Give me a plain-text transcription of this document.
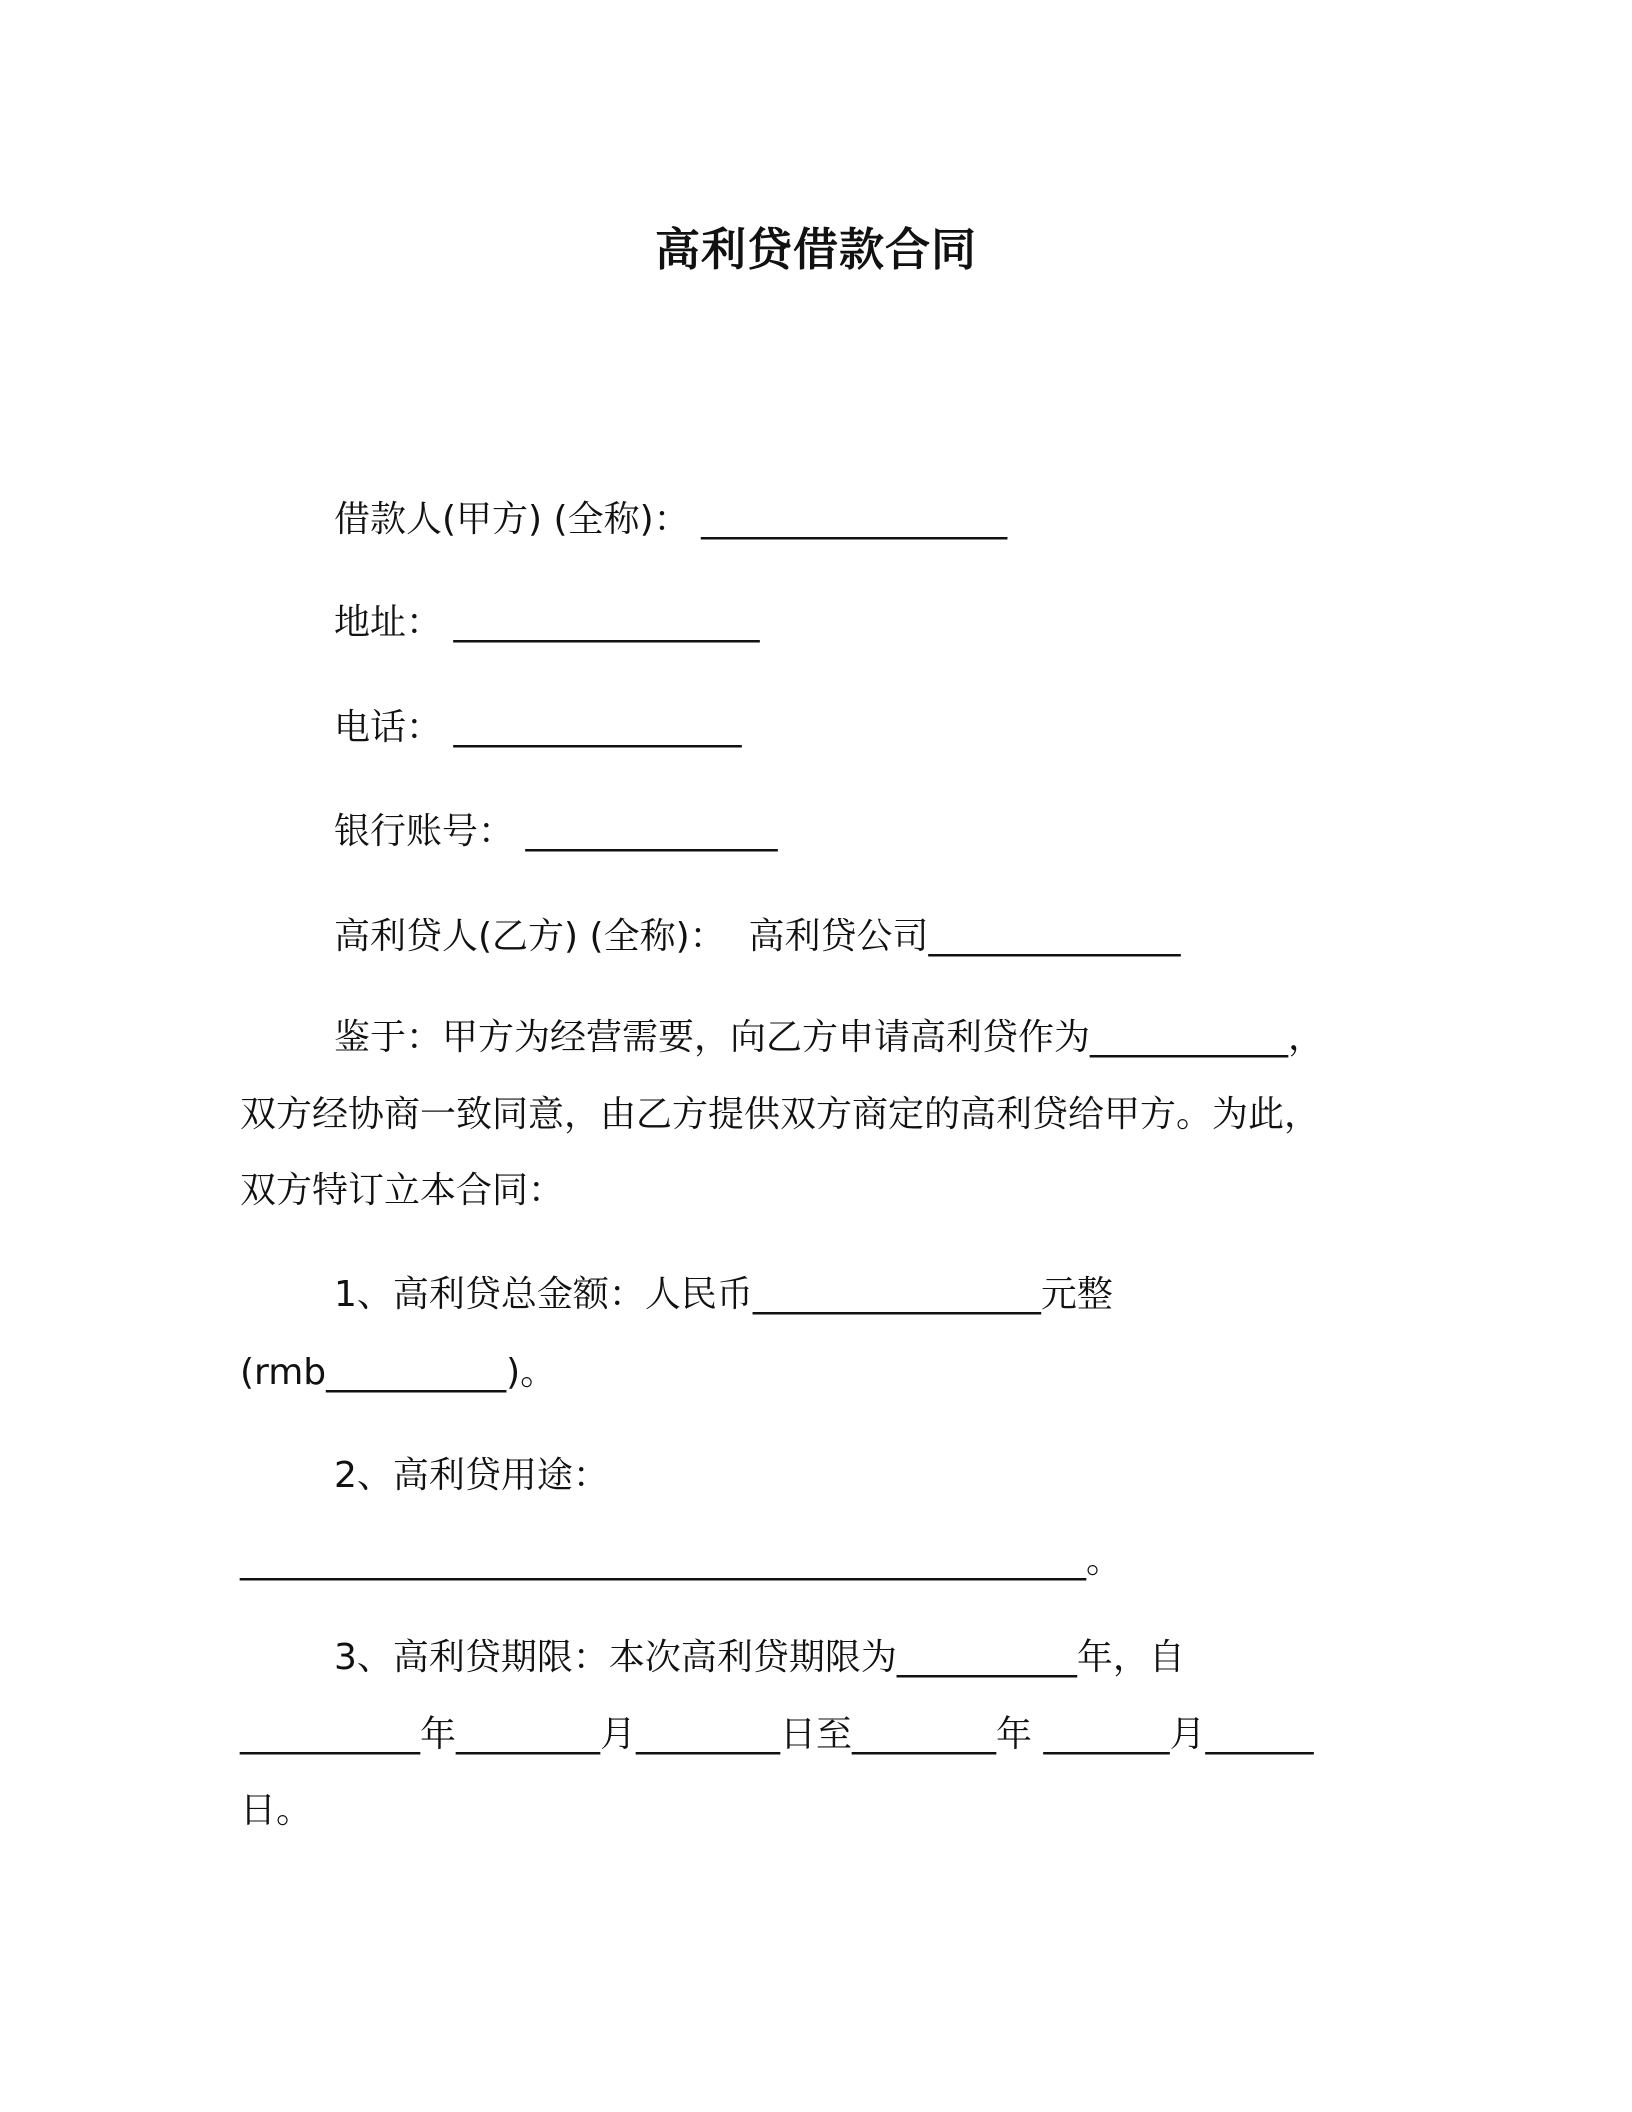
高利贷借款合同
借款人(甲方) (全称)： _________________
地址： _________________
电话： ________________
银行账号： ______________
高利贷人(乙方) (全称)：  高利贷公司______________
鉴于：甲方为经营需要，向乙方申请高利贷作为___________，
双方经协商一致同意，由乙方提供双方商定的高利贷给甲方。为此，
双方特订立本合同：
1、高利贷总金额：人民币________________元整
(rmb__________)。
2、高利贷用途：
_______________________________________________。
3、高利贷期限：本次高利贷期限为__________年，自
__________年________月________日至________年 _______月______
日。
